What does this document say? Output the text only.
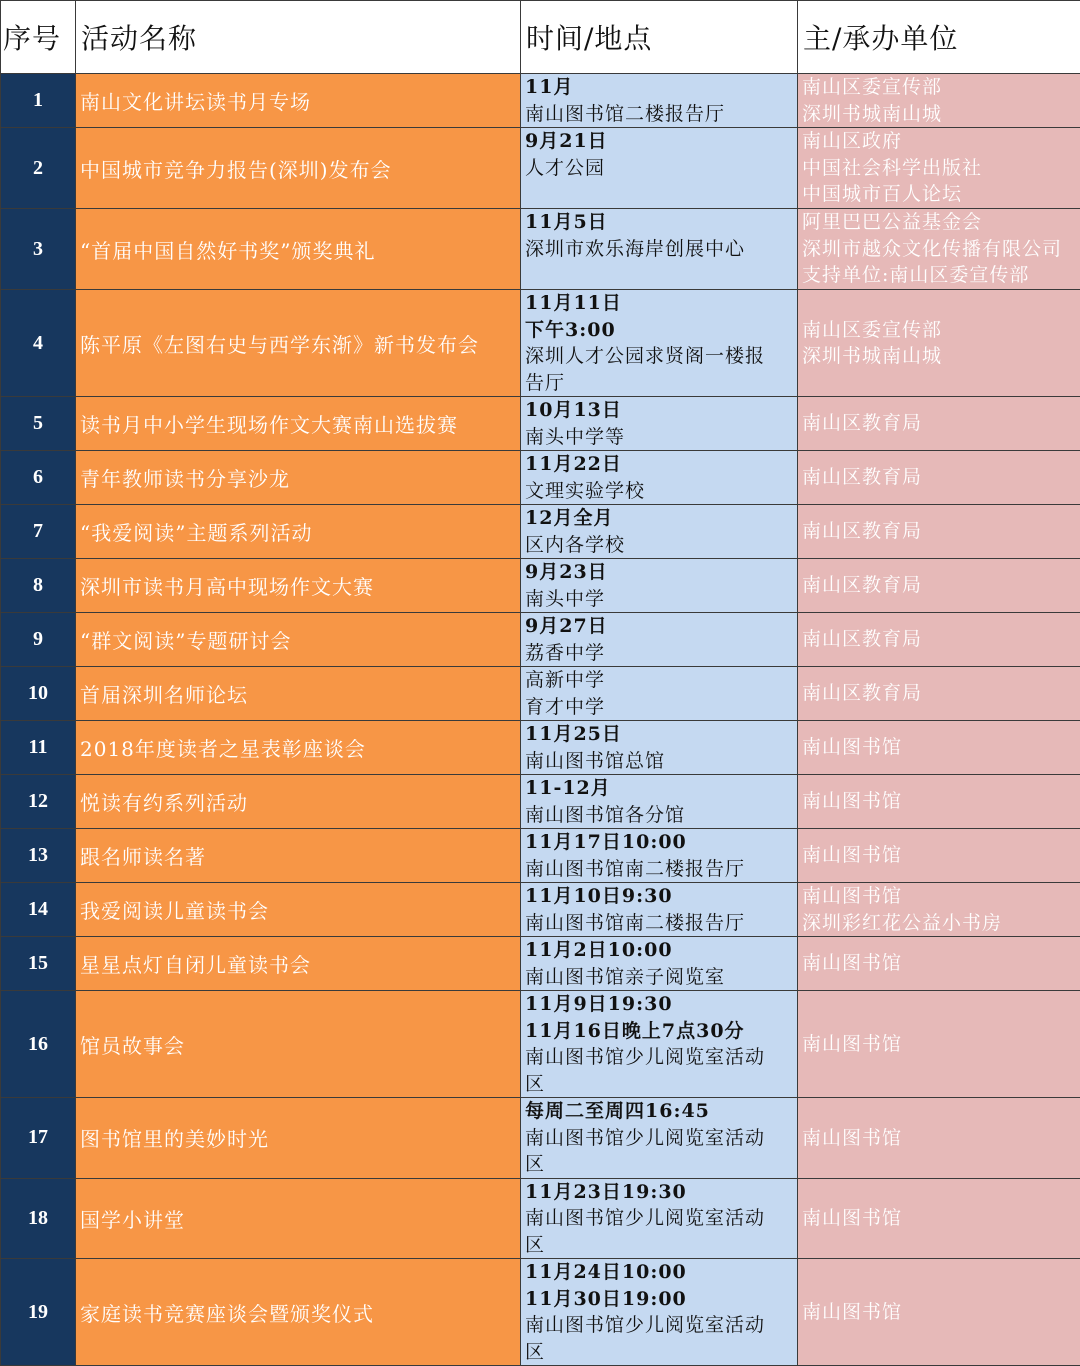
序号	活动名称	时间/地点	主/承办单位
1	南山文化讲坛读书月专场	11月
南山图书馆二楼报告厅	南山区委宣传部
深圳书城南山城

2	中国城市竞争力报告(深圳)发布会	9月21日
人才公园	南山区政府
中国社会科学出版社
中国城市百人论坛

3	“首届中国自然好书奖”颁奖典礼	11月5日
深圳市欢乐海岸创展中心	阿里巴巴公益基金会
深圳市越众文化传播有限公司
支持单位:南山区委宣传部

4	陈平原《左图右史与西学东渐》新书发布会	11月11日
下午3:00
深圳人才公园求贤阁一楼报
告厅	南山区委宣传部
深圳书城南山城

5	读书月中小学生现场作文大赛南山选拔赛	10月13日
南头中学等	南山区教育局

6	青年教师读书分享沙龙	11月22日
文理实验学校	南山区教育局

7	“我爱阅读”主题系列活动	12月全月
区内各学校	南山区教育局

8	深圳市读书月高中现场作文大赛	9月23日
南头中学	南山区教育局

9	“群文阅读”专题研讨会	9月27日
荔香中学	南山区教育局

10	首届深圳名师论坛	高新中学
育才中学	南山区教育局

11	2018年度读者之星表彰座谈会	11月25日
南山图书馆总馆	南山图书馆

12	悦读有约系列活动	11-12月
南山图书馆各分馆	南山图书馆

13	跟名师读名著	11月17日10:00
南山图书馆南二楼报告厅	南山图书馆

14	我爱阅读儿童读书会	11月10日9:30
南山图书馆南二楼报告厅	南山图书馆
深圳彩红花公益小书房

15	星星点灯自闭儿童读书会	11月2日10:00
南山图书馆亲子阅览室	南山图书馆

16	馆员故事会	11月9日19:30
11月16日晚上7点30分
南山图书馆少儿阅览室活动
区	南山图书馆

17	图书馆里的美妙时光	每周二至周四16:45
南山图书馆少儿阅览室活动
区	南山图书馆

18	国学小讲堂	11月23日19:30
南山图书馆少儿阅览室活动
区	南山图书馆

19	家庭读书竞赛座谈会暨颁奖仪式	11月24日10:00
11月30日19:00
南山图书馆少儿阅览室活动
区	南山图书馆
